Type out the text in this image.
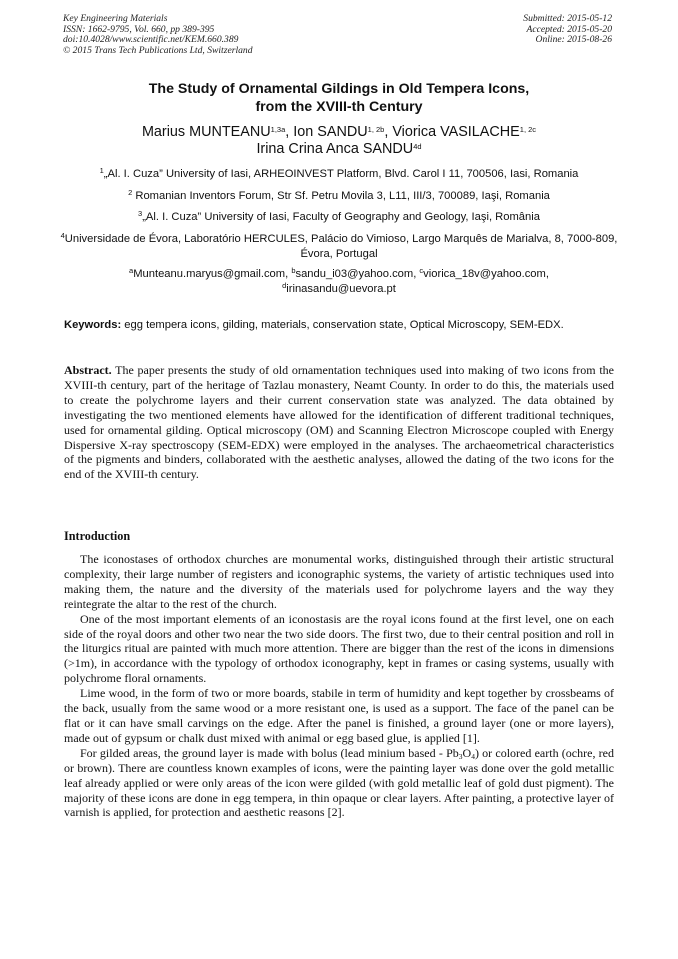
Key Engineering Materials
ISSN: 1662-9795, Vol. 660, pp 389-395
doi:10.4028/www.scientific.net/KEM.660.389
© 2015 Trans Tech Publications Ltd, Switzerland
Submitted: 2015-05-12
Accepted: 2015-05-20
Online: 2015-08-26
The Study of Ornamental Gildings in Old Tempera Icons,
from the XVIII-th Century
Marius $MUNTEANU^{1,3a}$, Ion $SANDU^{1, 2b}$, Viorica $VASILACHE^{1, 2c}$
Irina Crina Anca $SANDU^{4d}$
$^1$„Al. I. Cuza” University of Iasi, ARHEOINVEST Platform, Blvd. Carol I 11, 700506, Iasi, Romania
$^2$ Romanian Inventors Forum, Str Sf. Petru Movila 3, L11, III/3, 700089, Iaşi, Romania
$^3$„Al. I. Cuza” University of Iasi, Faculty of Geography and Geology, Iaşi, România
$^4$Universidade de Évora, Laboratório HERCULES, Palácio do Vimioso, Largo Marquês de Marialva, 8, 7000-809, Évora, Portugal
$^a$Munteanu.maryus@gmail.com, $^b$sandu_i03@yahoo.com, $^c$viorica_18v@yahoo.com,
$^d$irinasandu@uevora.pt
Keywords: egg tempera icons, gilding, materials, conservation state, Optical Microscopy, SEM-EDX.
Abstract. The paper presents the study of old ornamentation techniques used into making of two icons from the XVIII-th century, part of the heritage of Tazlau monastery, Neamt County. In order to do this, the materials used to create the polychrome layers and their current conservation state was analyzed. The data obtained by investigating the two mentioned elements have allowed for the identification of different traditional techniques, used for ornamental gilding. Optical microscopy (OM) and Scanning Electron Microscope coupled with Energy Dispersive X-ray spectroscopy (SEM-EDX) were employed in the analyses. The archaeometrical characteristics of the pigments and binders, collaborated with the aesthetic analyses, allowed the dating of the two icons for the end of the XVIII-th century.
Introduction

The iconostases of orthodox churches are monumental works, distinguished through their artistic structural complexity, their large number of registers and iconographic systems, the variety of artistic techniques used into making them, the nature and the diversity of the materials used for polychrome layers and the way they reintegrate the altar to the rest of the church.

One of the most important elements of an iconostasis are the royal icons found at the first level, one on each side of the royal doors and other two near the two side doors. The first two, due to their central position and roll in the liturgics ritual are painted with much more attention. There are bigger than the rest of the icons in dimensions (>1m), in accordance with the typology of orthodox iconography, kept in frames or casing systems, usually with polychrome floral ornaments.

Lime wood, in the form of two or more boards, stabile in term of humidity and kept together by crossbeams of the back, usually from the same wood or a more resistant one, is used as a support. The face of the panel can be flat or it can have small carvings on the edge. After the panel is finished, a ground layer (one or more layers), made out of gypsum or chalk dust mixed with animal or egg based glue, is applied [1].

For gilded areas, the ground layer is made with bolus (lead minium based - $Pb_3O_4$) or colored earth (ochre, red or brown). There are countless known examples of icons, were the painting layer was done over the gold metallic leaf already applied or were only areas of the icon were gilded (with gold metallic leaf of gold dust pigment). The majority of these icons are done in egg tempera, in thin opaque or clear layers. After painting, a protective layer of varnish is applied, for protection and aesthetic reasons [2].
